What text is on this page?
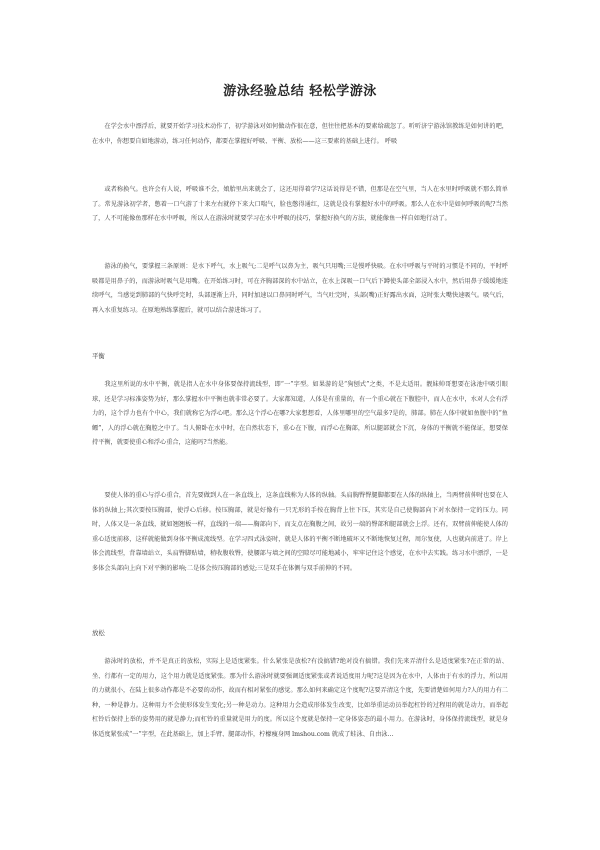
游泳经验总结 轻松学游泳
在学会水中漂浮后，就要开始学习技术动作了，初学游泳对如何做动作很在意，但往往把基本的要素给疏忽了。听听济宁游泳馆教练是如何讲的吧，在水中，你想要自如地游动，练习任何动作，都要在掌握好呼吸、平衡、放松——这三要素的基础上进行。 呼吸
或者称换气。也许会有人说，呼吸谁不会，娘胎里出来就会了，这还用得着学?这话说得是不错，但那是在空气里，当人在水里时呼吸就不那么简单了。常见游泳初学者，憋着一口气游了十来左右就停下来大口喘气，脸也憋得通红，这就是没有掌握好水中的呼吸。那么人在水中是如何呼吸的呢?当然了，人不可能像鱼那样在水中呼吸，所以人在游泳时就要学习在水中呼吸的技巧，掌握好换气的方法，就能像鱼一样自如地行动了。
游泳的换气，要掌握三条原则：是水下呼气，水上吸气;二是呼气以鼻为主，吸气只用嘴;三是慢呼快吸。在水中呼吸与平时的习惯是不同的，平时呼吸都是用鼻子的，而游泳时吸气是用嘴。在开始练习时，可在齐胸部深的水中站立，在水上深吸一口气后下蹲使头部全部浸入水中，然后用鼻子缓缓地连续呼气，当感觉到肺部的气快呼完时，头部逐渐上升，同时加速以口鼻同时呼气，当气吐完时，头部(嘴)正好露出水面，这时张大嘴快速吸气。吸气后，再入水重复练习。在原地熟练掌握后，就可以结合游进练习了。
平衡
我这里所说的水中平衡，就是指人在水中身体要保持流线型，即“一”字型。如果游的是“狗刨式”之类，不是太适用。靓妹帅哥想要在泳池中吸引眼球，还是学习标准姿势为好，那么掌握水中平衡也就非常必要了。大家都知道，人体是有重量的，有一个重心就在下腹腔中，而人在水中，水对人会有浮力的，这个浮力也有个中心，我们就称它为浮心吧。那么这个浮心在哪?大家想想看，人体里哪里的空气最多?是的，肺部。肺在人体中就如鱼腹中的“鱼鳔”，人的浮心就在胸腔之中了。当人俯卧在水中时，在自然状态下，重心在下腹，而浮心在胸部，所以腿部就会下沉，身体的平衡就不能保证，想要保持平衡，就要使重心和浮心重合，这能吗?当然能。
要使人体的重心与浮心重合，首先要做到人在一条直线上，这条直线称为人体的纵轴。头肩胸臀臀腿脚都要在人体的纵轴上，当两臂前伸时也要在人体的纵轴上;其次要按压胸部，使浮心后移。按压胸部，就是好像有一只无形的手按在胸背上往下压，其实是自己使胸部向下对水保持一定的压力。同时，人体又是一条直线，就如翘翘板一样，直线的一端——胸部向下，而支点在胸腹之间，故另一端的臀部和腿部就会上浮。还有，双臂前伸能使人体的重心适度前移，这样就能做到身体平衡成流线型。在学习四式泳姿时，就是人体的平衡不断地破坏又不断地恢复过程，周尔复使，人也就向前进了。岸上体会流线型，背靠墙站立，头肩臀脚贴墙，稍收腹收臀，使腰部与墙之间的空隙尽可能地减小，牢牢记住这个感觉，在水中去实践。练习水中漂浮，一是多体会头部向上向下对平衡的影响;二是体会按压胸部的感觉;三是双手在体侧与双手前伸的不同。
放松
游泳时的放松，并不是真正的放松，实际上是适度紧张。什么紧张是放松?有没搞错?绝对没有搞错。我们先来弄清什么是适度紧张?在正常的站、坐、行都有一定的用力，这个用力就是适度紧张。那为什么游泳时就要强调适度紧张或者说适度用力呢?这是因为在水中，人体由于有水的浮力，所以用的力就很小，在陆上很多动作都是不必要的动作，故而有相对紧张的感觉。那么如何来确定这个度呢?这要弄清这个度，先要清楚如何用力?人的用力有二种，一种是静力。这种用力不会使形体发生变化;另一种是动力。这种用力会造成形体发生改变，比如举重运动员举起杠铃的过程用的就是动力，而举起杠铃后保持上举的姿势用的就是静力;而杠铃的重量就是用力的度。所以这个度就是保持一定身体姿态的最小用力。在游泳时，身体保持流线型，就是身体适度紧张成“一”字型，在此基础上，加上手臂、腿部动作，柠檬瘦身网 lmshou.com 就成了蛙泳、自由泳…
